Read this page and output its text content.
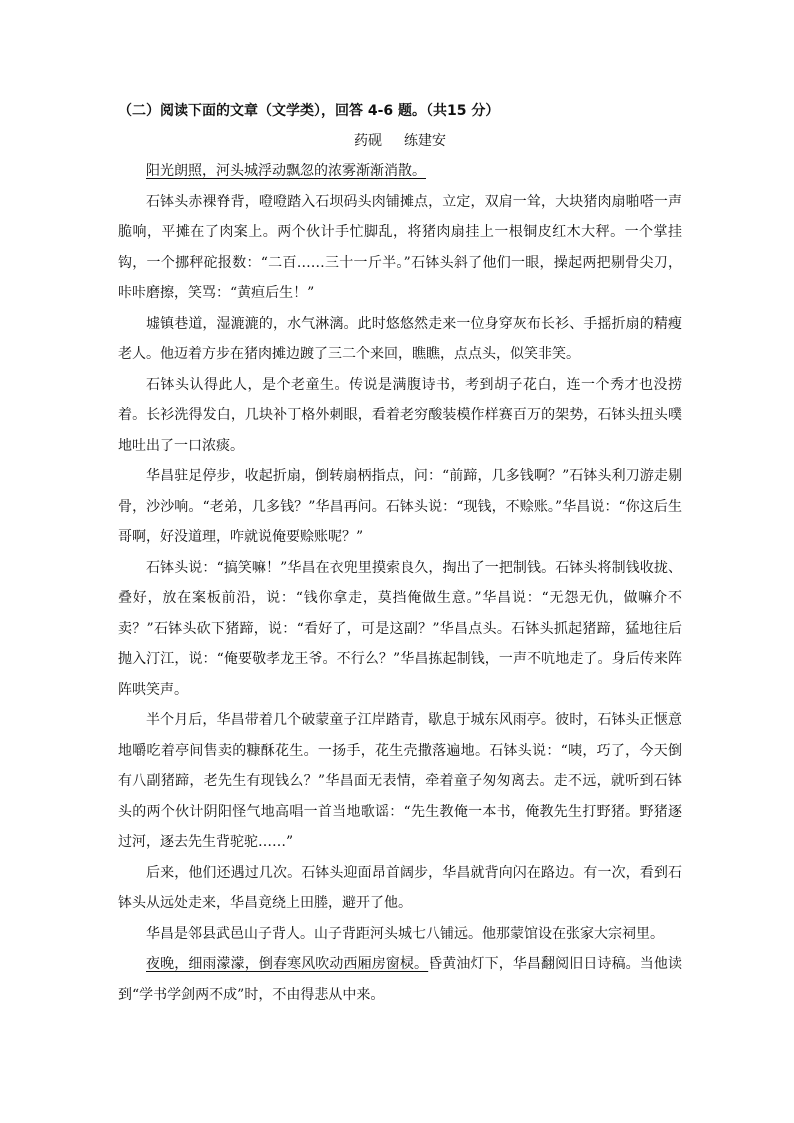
（二）阅读下面的文章（文学类），回答 4-6 题。（共15 分）
药砚 练建安

阳光朗照，河头城浮动飘忽的浓雾渐渐消散。

石钵头赤裸脊背，噔噔踏入石坝码头肉铺摊点，立定，双肩一耸，大块猪肉扇啪嗒一声脆响，平摊在了肉案上。两个伙计手忙脚乱，将猪肉扇挂上一根铜皮红木大秤。一个掌挂钩，一个挪秤砣报数：“二百……三十一斤半。”石钵头斜了他们一眼，操起两把剔骨尖刀，咔咔磨擦，笑骂：“黄疸后生！”

墟镇巷道，湿漉漉的，水气淋漓。此时悠悠然走来一位身穿灰布长衫、手摇折扇的精瘦老人。他迈着方步在猪肉摊边踱了三二个来回，瞧瞧，点点头，似笑非笑。

石钵头认得此人，是个老童生。传说是满腹诗书，考到胡子花白，连一个秀才也没捞着。长衫洗得发白，几块补丁格外刺眼，看着老穷酸装模作样赛百万的架势，石钵头扭头噗地吐出了一口浓痰。

华昌驻足停步，收起折扇，倒转扇柄指点，问：“前蹄，几多钱啊？”石钵头利刀游走剔骨，沙沙响。“老弟，几多钱？”华昌再问。石钵头说：“现钱，不赊账。”华昌说：“你这后生哥啊，好没道理，咋就说俺要赊账呢？”

石钵头说：“搞笑嘛！”华昌在衣兜里摸索良久，掏出了一把制钱。石钵头将制钱收拢、叠好，放在案板前沿，说：“钱你拿走，莫挡俺做生意。”华昌说：“无怨无仇，做嘛介不卖？”石钵头砍下猪蹄，说：“看好了，可是这副？”华昌点头。石钵头抓起猪蹄，猛地往后抛入汀江，说：“俺要敬孝龙王爷。不行么？”华昌拣起制钱，一声不吭地走了。身后传来阵阵哄笑声。

半个月后，华昌带着几个破蒙童子江岸踏青，歇息于城东风雨亭。彼时，石钵头正惬意地嚼吃着亭间售卖的糠酥花生。一扬手，花生壳撒落遍地。石钵头说：“咦，巧了，今天倒有八副猪蹄，老先生有现钱么？”华昌面无表情，牵着童子匆匆离去。走不远，就听到石钵头的两个伙计阴阳怪气地高唱一首当地歌谣：“先生教俺一本书，俺教先生打野猪。野猪逐过河，逐去先生背驼驼……”

后来，他们还遇过几次。石钵头迎面昂首阔步，华昌就背向闪在路边。有一次，看到石钵头从远处走来，华昌竟绕上田塍，避开了他。

华昌是邻县武邑山子背人。山子背距河头城七八铺远。他那蒙馆设在张家大宗祠里。

夜晚，细雨濛濛，倒春寒风吹动西厢房窗棂。昏黄油灯下，华昌翻阅旧日诗稿。当他读到“学书学剑两不成”时，不由得悲从中来。
